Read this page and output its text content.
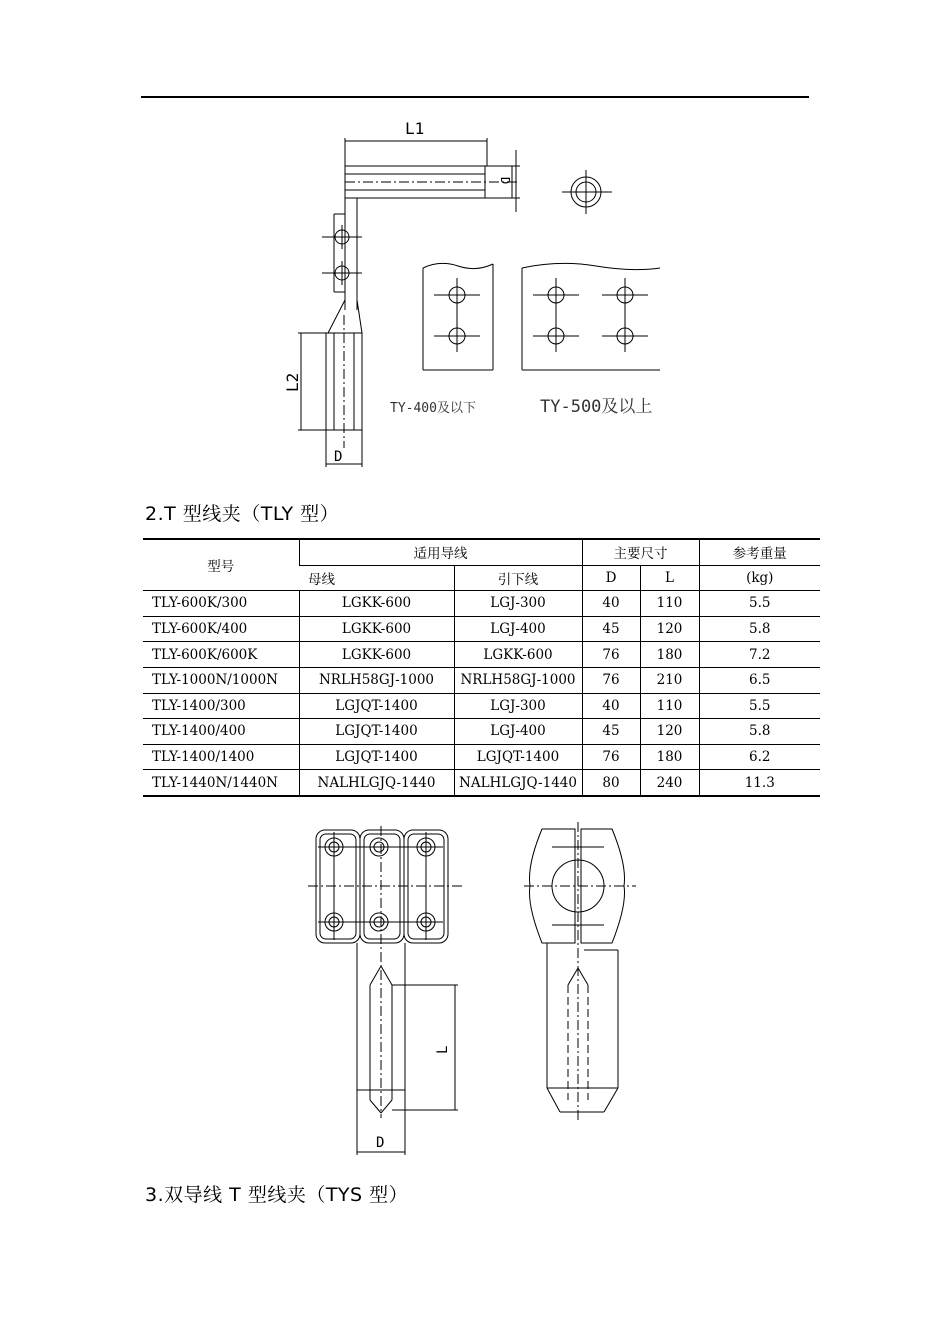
L1
D
L2
D
TY-400及以下	TY-500及以上
2.T 型线夹（TLY 型）
型号	适用导线		主要尺寸		参考重量
	母线	引下线	D	L	(kg)
TLY-600K/300	LGKK-600	LGJ-300	40	110	5.5
TLY-600K/400	LGKK-600	LGJ-400	45	120	5.8
TLY-600K/600K	LGKK-600	LGKK-600	76	180	7.2
TLY-1000N/1000N	NRLH58GJ-1000	NRLH58GJ-1000	76	210	6.5
TLY-1400/300	LGJQT-1400	LGJ-300	40	110	5.5
TLY-1400/400	LGJQT-1400	LGJ-400	45	120	5.8
TLY-1400/1400	LGJQT-1400	LGJQT-1400	76	180	6.2
TLY-1440N/1440N	NALHLGJQ-1440	NALHLGJQ-1440	80	240	11.3
L
D
3.双导线 T 型线夹（TYS 型）
